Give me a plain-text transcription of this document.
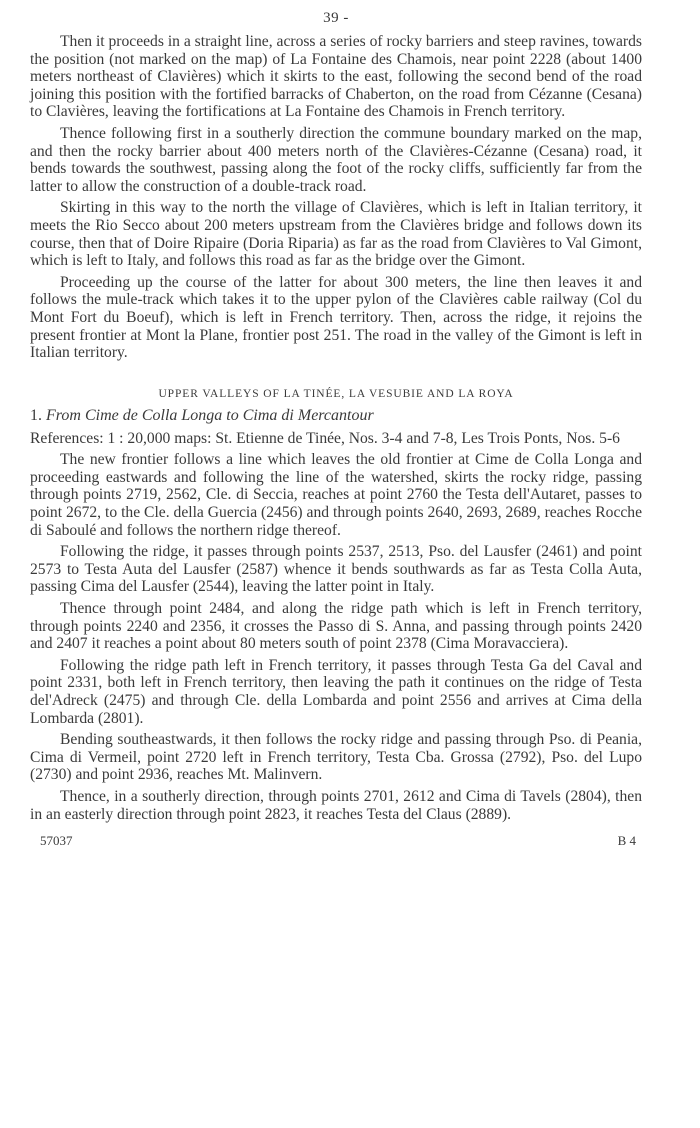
39 -

Then it proceeds in a straight line, across a series of rocky barriers and steep ravines, towards the position (not marked on the map) of La Fontaine des Chamois, near point 2228 (about 1400 meters northeast of Clavières) which it skirts to the east, following the second bend of the road joining this position with the fortified barracks of Chaberton, on the road from Cézanne (Cesana) to Clavières, leaving the fortifications at La Fontaine des Chamois in French territory.

Thence following first in a southerly direction the commune boundary marked on the map, and then the rocky barrier about 400 meters north of the Clavières-Cézanne (Cesana) road, it bends towards the southwest, passing along the foot of the rocky cliffs, sufficiently far from the latter to allow the construction of a double-track road.

Skirting in this way to the north the village of Clavières, which is left in Italian territory, it meets the Rio Secco about 200 meters upstream from the Clavières bridge and follows down its course, then that of Doire Ripaire (Doria Riparia) as far as the road from Clavières to Val Gimont, which is left to Italy, and follows this road as far as the bridge over the Gimont.

Proceeding up the course of the latter for about 300 meters, the line then leaves it and follows the mule-track which takes it to the upper pylon of the Clavières cable railway (Col du Mont Fort du Boeuf), which is left in French territory. Then, across the ridge, it rejoins the present frontier at Mont la Plane, frontier post 251. The road in the valley of the Gimont is left in Italian territory.

UPPER VALLEYS OF LA TINÉE, LA VESUBIE AND LA ROYA
1. From Cime de Colla Longa to Cima di Mercantour

References: 1 : 20,000 maps: St. Etienne de Tinée, Nos. 3-4 and 7-8, Les Trois Ponts, Nos. 5-6

The new frontier follows a line which leaves the old frontier at Cime de Colla Longa and proceeding eastwards and following the line of the watershed, skirts the rocky ridge, passing through points 2719, 2562, Cle. di Seccia, reaches at point 2760 the Testa dell'Autaret, passes to point 2672, to the Cle. della Guercia (2456) and through points 2640, 2693, 2689, reaches Rocche di Saboulé and follows the northern ridge thereof.

Following the ridge, it passes through points 2537, 2513, Pso. del Lausfer (2461) and point 2573 to Testa Auta del Lausfer (2587) whence it bends southwards as far as Testa Colla Auta, passing Cima del Lausfer (2544), leaving the latter point in Italy.

Thence through point 2484, and along the ridge path which is left in French territory, through points 2240 and 2356, it crosses the Passo di S. Anna, and passing through points 2420 and 2407 it reaches a point about 80 meters south of point 2378 (Cima Moravacciera).

Following the ridge path left in French territory, it passes through Testa Ga del Caval and point 2331, both left in French territory, then leaving the path it continues on the ridge of Testa del'Adreck (2475) and through Cle. della Lombarda and point 2556 and arrives at Cima della Lombarda (2801).

Bending southeastwards, it then follows the rocky ridge and passing through Pso. di Peania, Cima di Vermeil, point 2720 left in French territory, Testa Cba. Grossa (2792), Pso. del Lupo (2730) and point 2936, reaches Mt. Malinvern.

Thence, in a southerly direction, through points 2701, 2612 and Cima di Tavels (2804), then in an easterly direction through point 2823, it reaches Testa del Claus (2889).

57037	B 4
